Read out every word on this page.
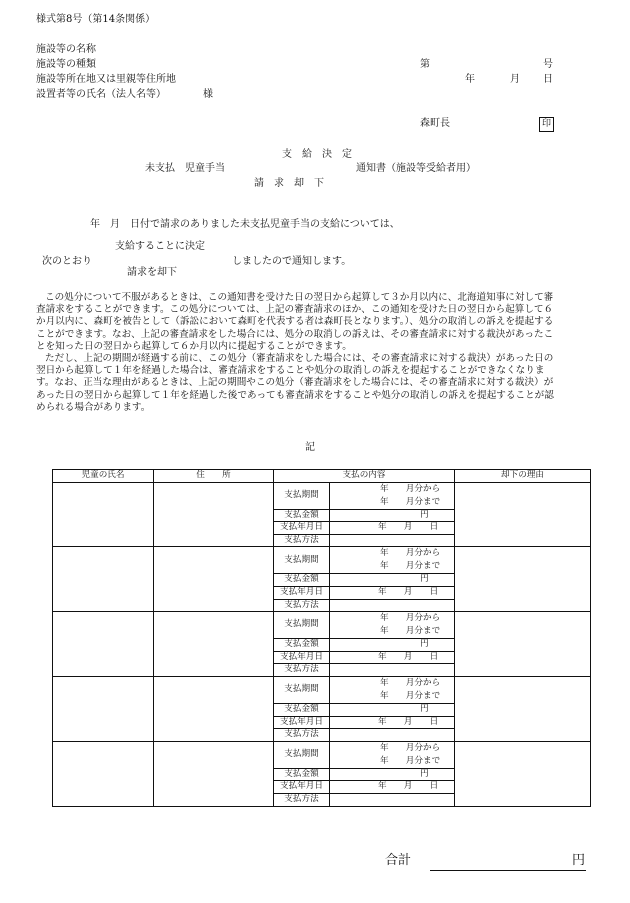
様式第8号（第14条関係）
施設等の名称
施設等の種類	第	号
施設等所在地又は里親等住所地	年	月 日
設置者等の氏名（法人名等）	様
森町長	印
支　給　決　定
未支払　児童手当	通知書（施設等受給者用）
請　求　却　下
年　月　日付で請求のありました未支払児童手当の支給については、
支給することに決定
次のとおり	しましたので通知します。
請求を却下

この処分について不服があるときは、この通知書を受けた日の翌日から起算して３か月以内に、北海道知事に対して審査請求をすることができます。この処分については、上記の審査請求のほか、この通知を受けた日の翌日から起算して６か月以内に、森町を被告として（訴訟において森町を代表する者は森町長となります。）、処分の取消しの訴えを提起することができます。なお、上記の審査請求をした場合には、処分の取消しの訴えは、その審査請求に対する裁決があったことを知った日の翌日から起算して６か月以内に提起することができます。

ただし、上記の期間が経過する前に、この処分（審査請求をした場合には、その審査請求に対する裁決）があった日の翌日から起算して１年を経過した場合は、審査請求をすることや処分の取消しの訴えを提起することができなくなります。なお、正当な理由があるときは、上記の期間やこの処分（審査請求をした場合には、その審査請求に対する裁決）があった日の翌日から起算して１年を経過した後であっても審査請求をすることや処分の取消しの訴えを提起することが認められる場合があります。

記
児童の氏名	住　　所	支払の内容		却下の理由
		支払期間	年　　月分から
年　　月分まで	

		支払金額	円	
		支払年月日	年　　月　　日	
		支払方法		
		支払期間	年　　月分から
年　　月分まで	

		支払金額	円	
		支払年月日	年　　月　　日	
		支払方法		
		支払期間	年　　月分から
年　　月分まで	

		支払金額	円	
		支払年月日	年　　月　　日	
		支払方法		
		支払期間	年　　月分から
年　　月分まで	

		支払金額	円	
		支払年月日	年　　月　　日	
		支払方法		
		支払期間	年　　月分から
年　　月分まで	

		支払金額	円	
		支払年月日	年　　月　　日	
		支払方法		
合計	円
